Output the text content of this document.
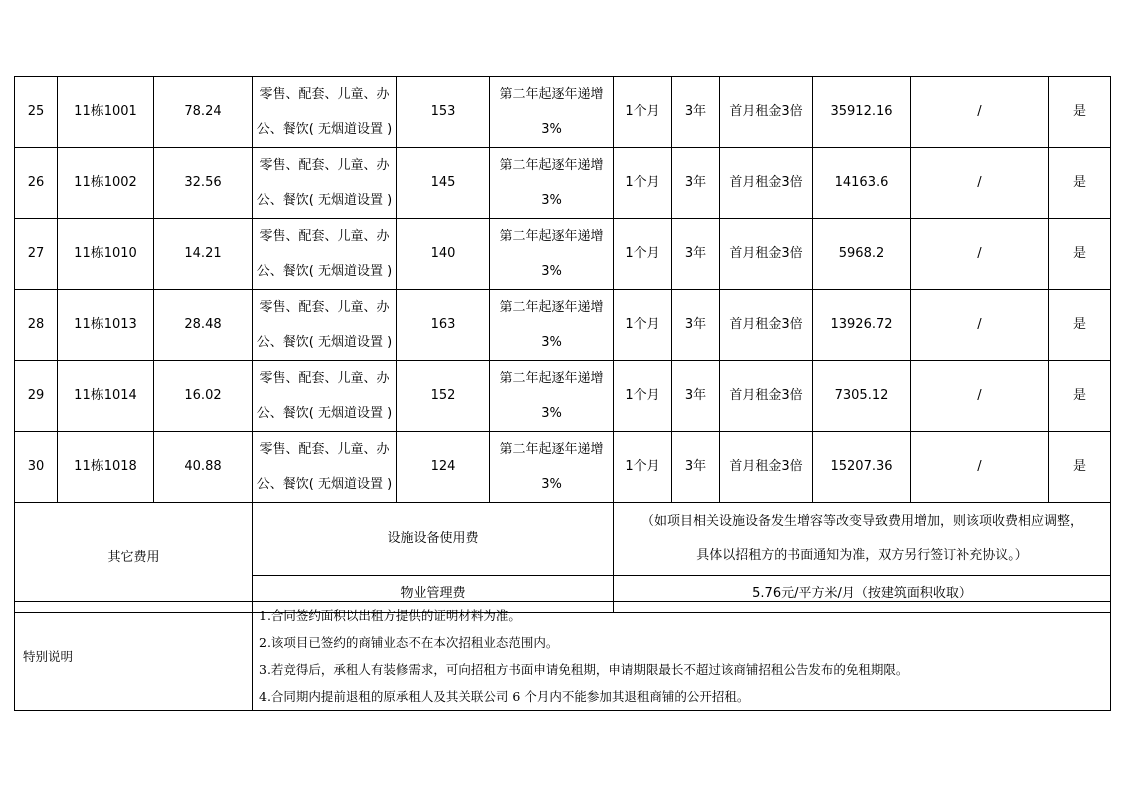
25	11栋1001	78.24	零售、配套、儿童、办
公、餐饮( 无烟道设置 )	153	第二年起逐年递增
3%	1个月	3年	首月租金3倍	35912.16	/	是
26	11栋1002	32.56	零售、配套、儿童、办
公、餐饮( 无烟道设置 )	145	第二年起逐年递增
3%	1个月	3年	首月租金3倍	14163.6	/	是
27	11栋1010	14.21	零售、配套、儿童、办
公、餐饮( 无烟道设置 )	140	第二年起逐年递增
3%	1个月	3年	首月租金3倍	5968.2	/	是
28	11栋1013	28.48	零售、配套、儿童、办
公、餐饮( 无烟道设置 )	163	第二年起逐年递增
3%	1个月	3年	首月租金3倍	13926.72	/	是
29	11栋1014	16.02	零售、配套、儿童、办
公、餐饮( 无烟道设置 )	152	第二年起逐年递增
3%	1个月	3年	首月租金3倍	7305.12	/	是
30	11栋1018	40.88	零售、配套、儿童、办
公、餐饮( 无烟道设置 )	124	第二年起逐年递增
3%	1个月	3年	首月租金3倍	15207.36	/	是
其它费用			设施设备使用费			（如项目相关设施设备发生增容等改变导致费用增加，则该项收费相应调整，
具体以招租方的书面通知为准，双方另行签订补充协议。）					

			物业管理费			5.76元/平方米/月（按建筑面积收取）					
特别说明	
1.合同签约面积以出租方提供的证明材料为准。
2.该项目已签约的商铺业态不在本次招租业态范围内。
3.若竞得后，承租人有装修需求，可向招租方书面申请免租期，申请期限最长不超过该商铺招租公告发布的免租期限。
4.合同期内提前退租的原承租人及其关联公司 6 个月内不能参加其退租商铺的公开招租。
